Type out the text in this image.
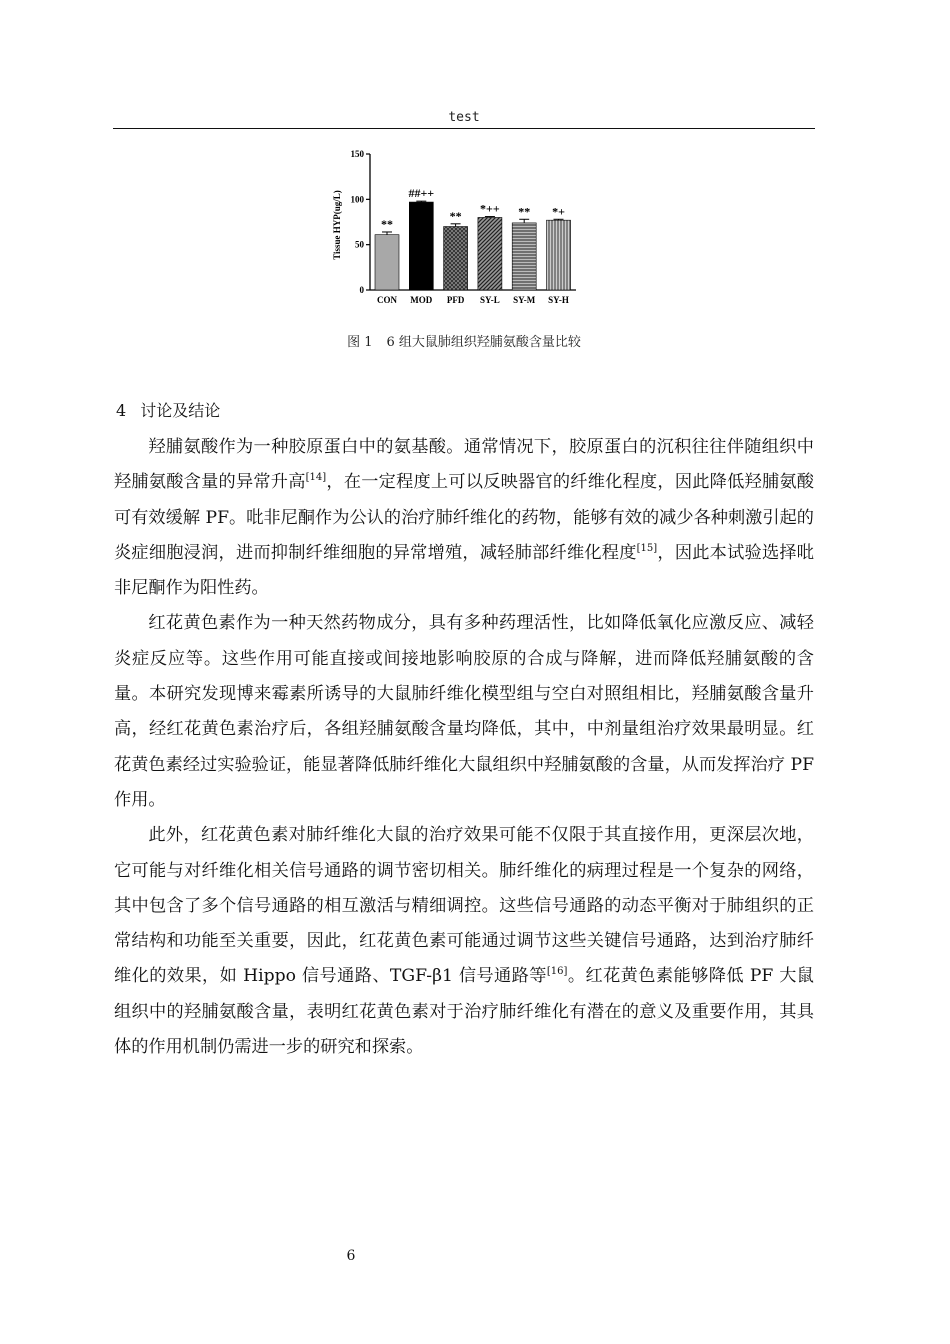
test
Tissue HYP(ug/L)
0
50
100
150
**
CON
##++
MOD
**
PFD
*++
SY-L
**
SY-M
*+
SY-H
图 1 6 组大鼠肺组织羟脯氨酸含量比较
4 讨论及结论

羟脯氨酸作为一种胶原蛋白中的氨基酸。通常情况下，胶原蛋白的沉积往往伴随组织中羟脯氨酸含量的异常升高[14]，在一定程度上可以反映器官的纤维化程度，因此降低羟脯氨酸可有效缓解 PF。吡非尼酮作为公认的治疗肺纤维化的药物，能够有效的减少各种刺激引起的炎症细胞浸润，进而抑制纤维细胞的异常增殖，减轻肺部纤维化程度[15]，因此本试验选择吡非尼酮作为阳性药。

红花黄色素作为一种天然药物成分，具有多种药理活性，比如降低氧化应激反应、减轻炎症反应等。这些作用可能直接或间接地影响胶原的合成与降解，进而降低羟脯氨酸的含量。本研究发现博来霉素所诱导的大鼠肺纤维化模型组与空白对照组相比，羟脯氨酸含量升高，经红花黄色素治疗后，各组羟脯氨酸含量均降低，其中，中剂量组治疗效果最明显。红花黄色素经过实验验证，能显著降低肺纤维化大鼠组织中羟脯氨酸的含量，从而发挥治疗 PF 作用。

此外，红花黄色素对肺纤维化大鼠的治疗效果可能不仅限于其直接作用，更深层次地，它可能与对纤维化相关信号通路的调节密切相关。肺纤维化的病理过程是一个复杂的网络，其中包含了多个信号通路的相互激活与精细调控。这些信号通路的动态平衡对于肺组织的正常结构和功能至关重要，因此，红花黄色素可能通过调节这些关键信号通路，达到治疗肺纤维化的效果，如 Hippo 信号通路、TGF-β1 信号通路等[16]。红花黄色素能够降低 PF 大鼠组织中的羟脯氨酸含量，表明红花黄色素对于治疗肺纤维化有潜在的意义及重要作用，其具体的作用机制仍需进一步的研究和探索。

6
